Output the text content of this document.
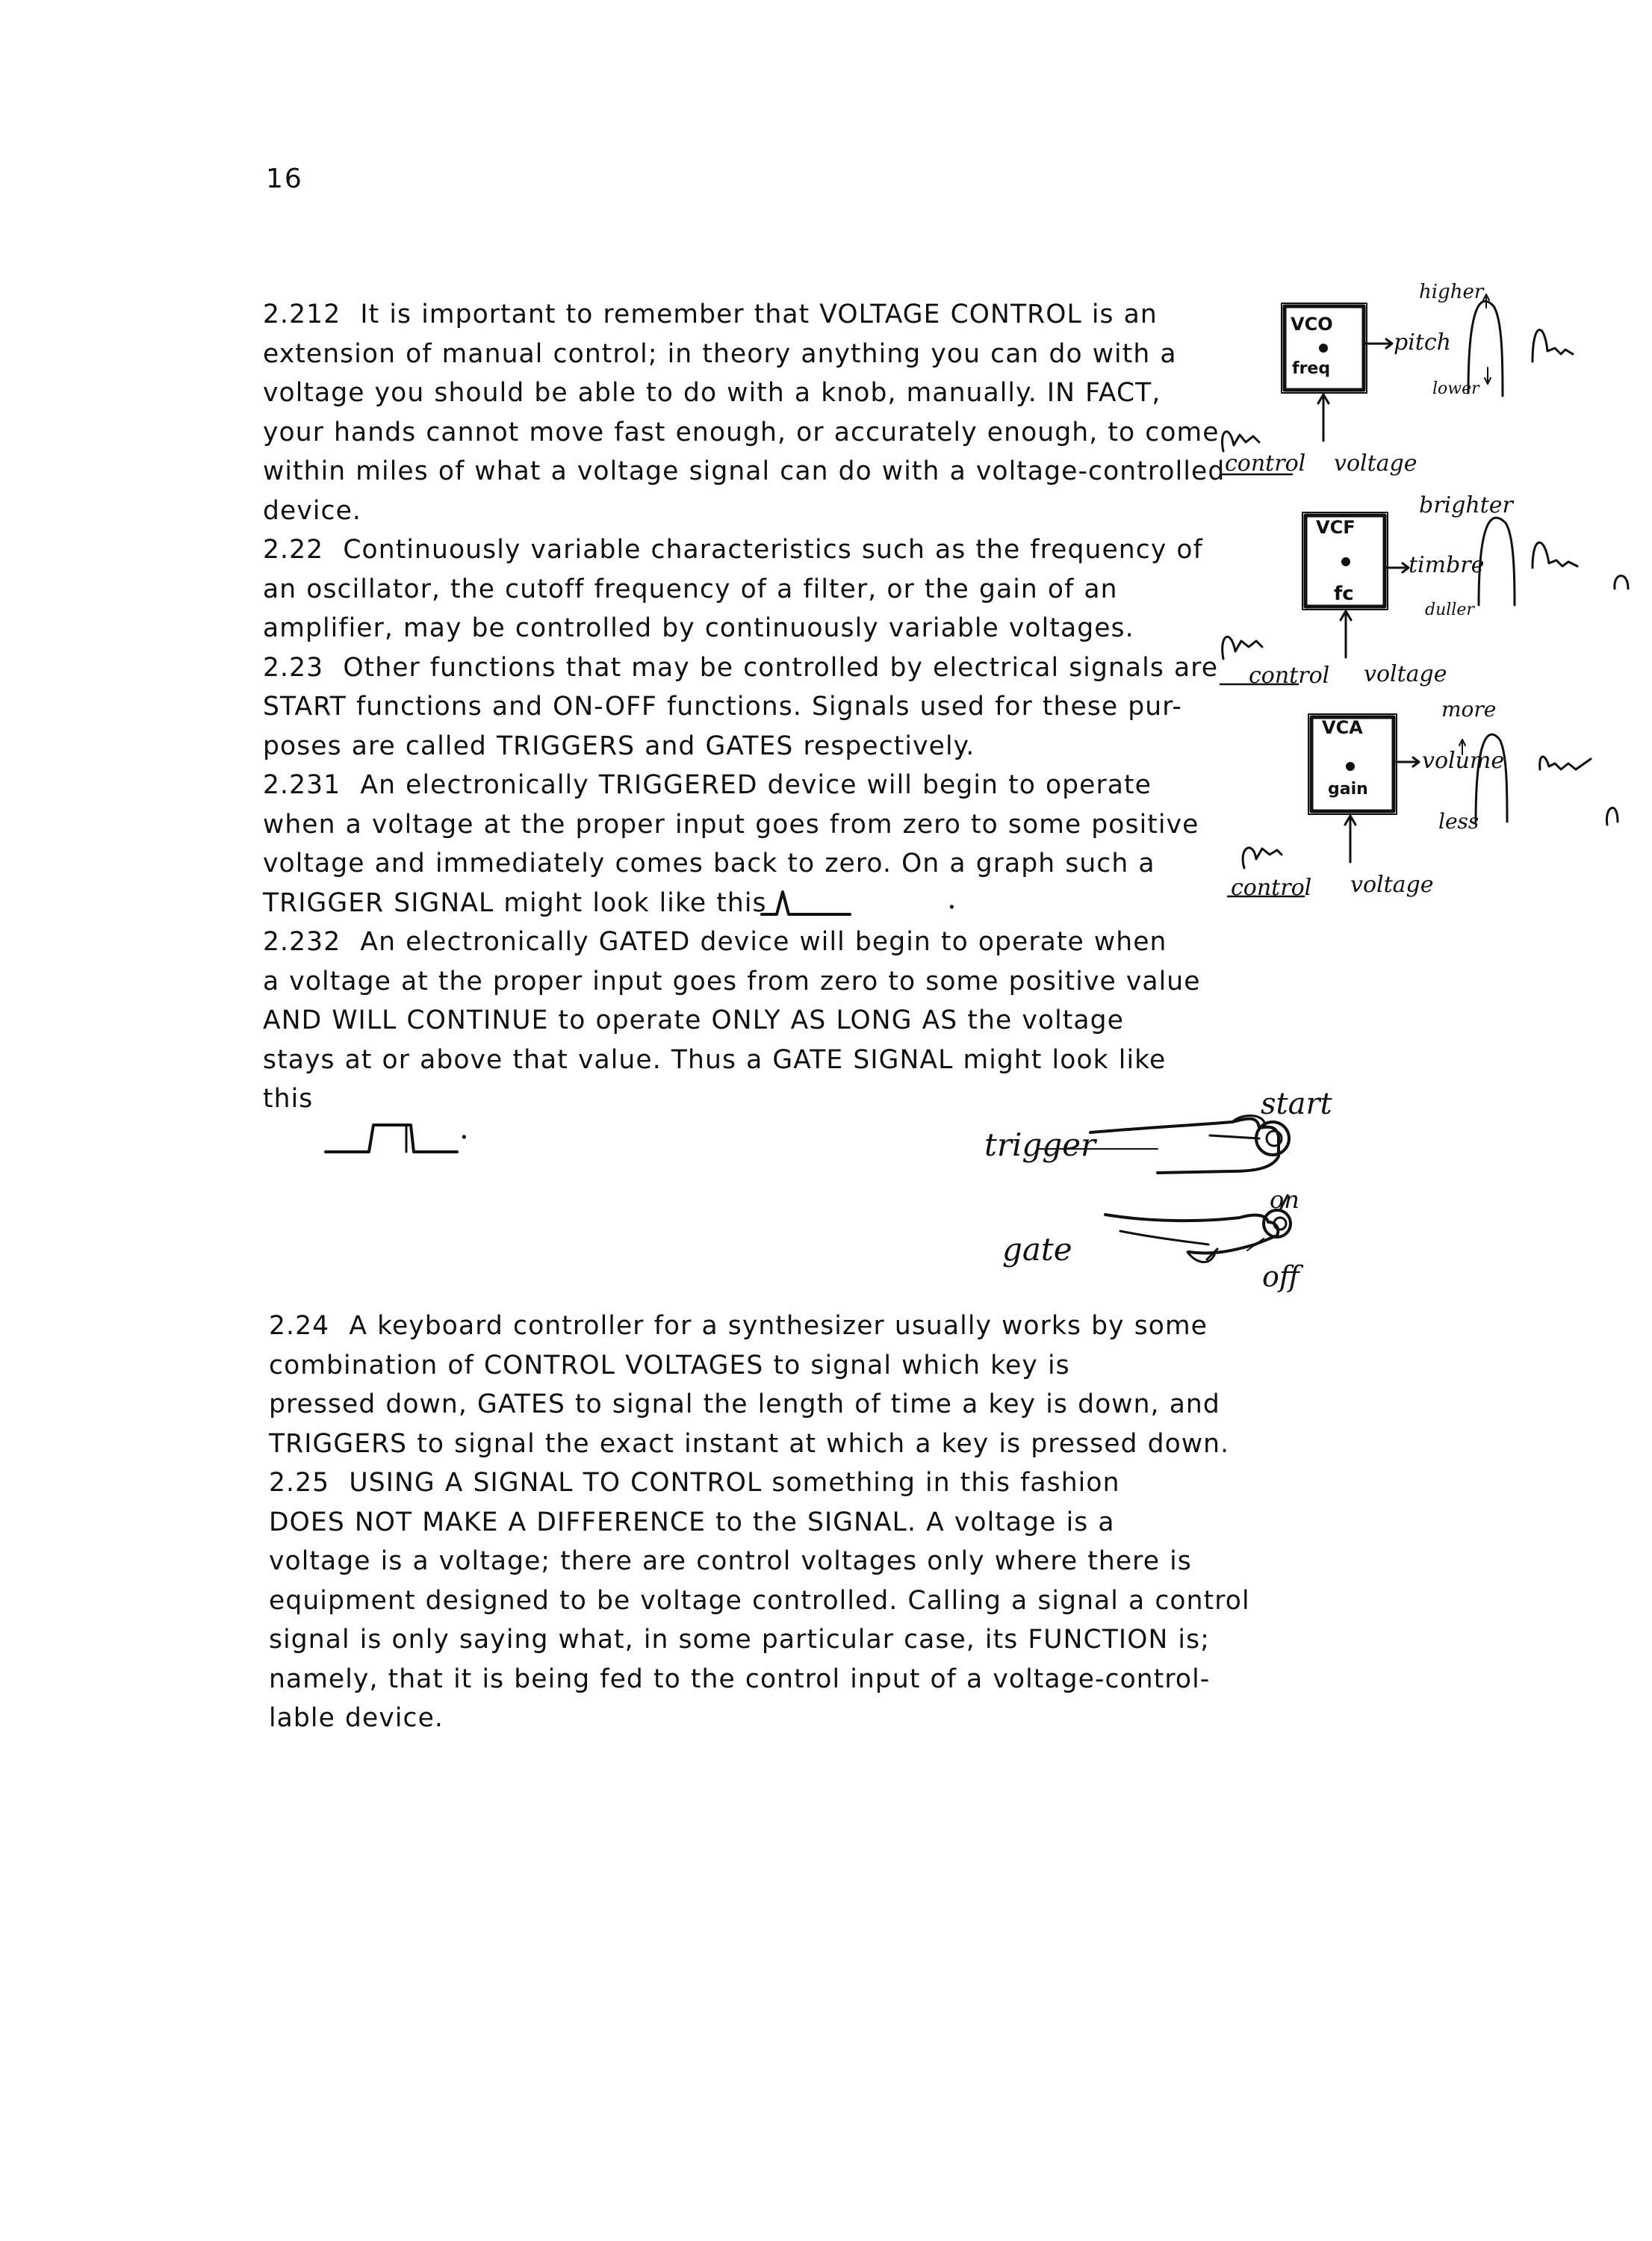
16
2.212  It is important to remember that VOLTAGE CONTROL is an
extension of manual control; in theory anything you can do with a
voltage you should be able to do with a knob, manually. IN FACT,
your hands cannot move fast enough, or accurately enough, to come
within miles of what a voltage signal can do with a voltage-controlled
device.
2.22  Continuously variable characteristics such as the frequency of
an oscillator, the cutoff frequency of a filter, or the gain of an
amplifier, may be controlled by continuously variable voltages.
2.23  Other functions that may be controlled by electrical signals are
START functions and ON-OFF functions. Signals used for these pur-
poses are called TRIGGERS and GATES respectively.
2.231  An electronically TRIGGERED device will begin to operate
when a voltage at the proper input goes from zero to some positive
voltage and immediately comes back to zero. On a graph such a
TRIGGER SIGNAL might look like this
2.232  An electronically GATED device will begin to operate when
a voltage at the proper input goes from zero to some positive value
AND WILL CONTINUE to operate ONLY AS LONG AS the voltage
stays at or above that value. Thus a GATE SIGNAL might look like
this
.
.
VCO
freq
pitch
higher
lower
control voltage
VCF
fc
timbre
brighter
duller
control voltage
VCA
gain
volume
more
less
control voltage
start
trigger
on
gate
off
2.24  A keyboard controller for a synthesizer usually works by some
combination of CONTROL VOLTAGES to signal which key is
pressed down, GATES to signal the length of time a key is down, and
TRIGGERS to signal the exact instant at which a key is pressed down.
2.25  USING A SIGNAL TO CONTROL something in this fashion
DOES NOT MAKE A DIFFERENCE to the SIGNAL. A voltage is a
voltage is a voltage; there are control voltages only where there is
equipment designed to be voltage controlled. Calling a signal a control
signal is only saying what, in some particular case, its FUNCTION is;
namely, that it is being fed to the control input of a voltage-control-
lable device.
